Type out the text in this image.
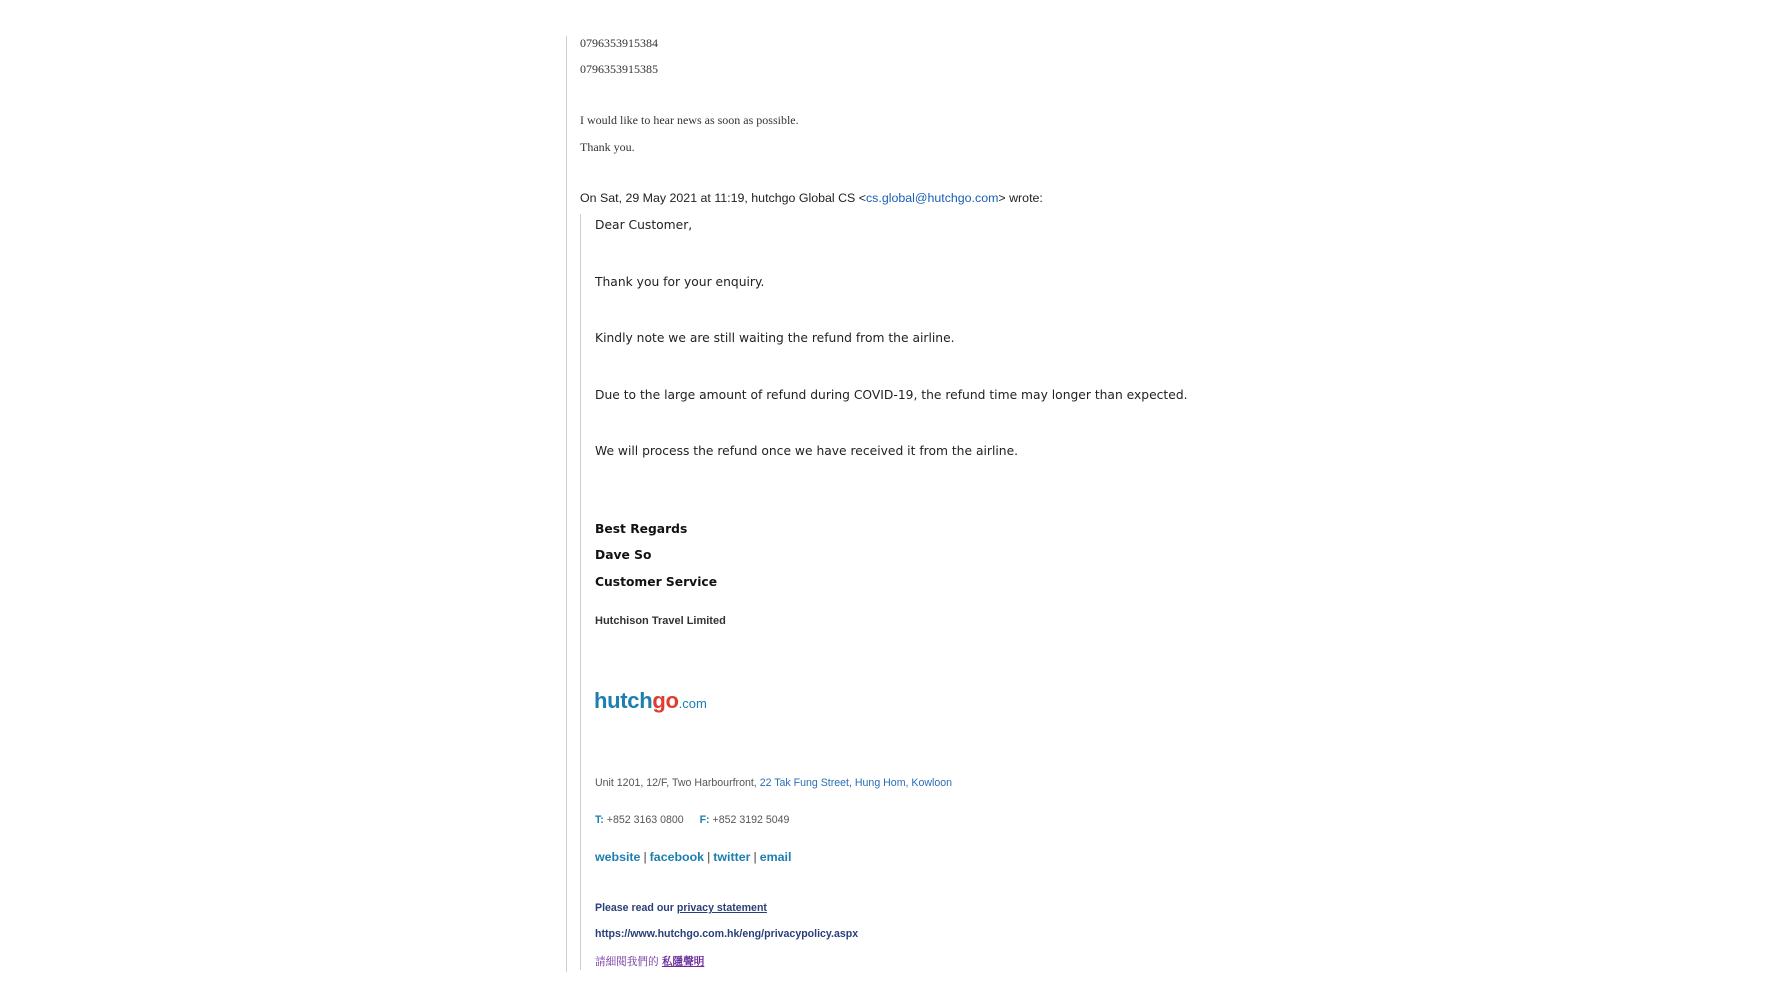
0796353915384
0796353915385
I would like to hear news as soon as possible.
Thank you.
On Sat, 29 May 2021 at 11:19, hutchgo Global CS <cs.global@hutchgo.com> wrote:
Dear Customer,
Thank you for your enquiry.
Kindly note we are still waiting the refund from the airline.
Due to the large amount of refund during COVID-19, the refund time may longer than expected.
We will process the refund once we have received it from the airline.
Best Regards
Dave So
Customer Service
Hutchison Travel Limited
hutchgo.com
Unit 1201, 12/F, Two Harbourfront, 22 Tak Fung Street, Hung Hom, Kowloon
T: +852 3163 0800 F: +852 3192 5049
website | facebook | twitter | email
Please read our privacy statement
https://www.hutchgo.com.hk/eng/privacypolicy.aspx
請細閱我們的 私隱聲明
